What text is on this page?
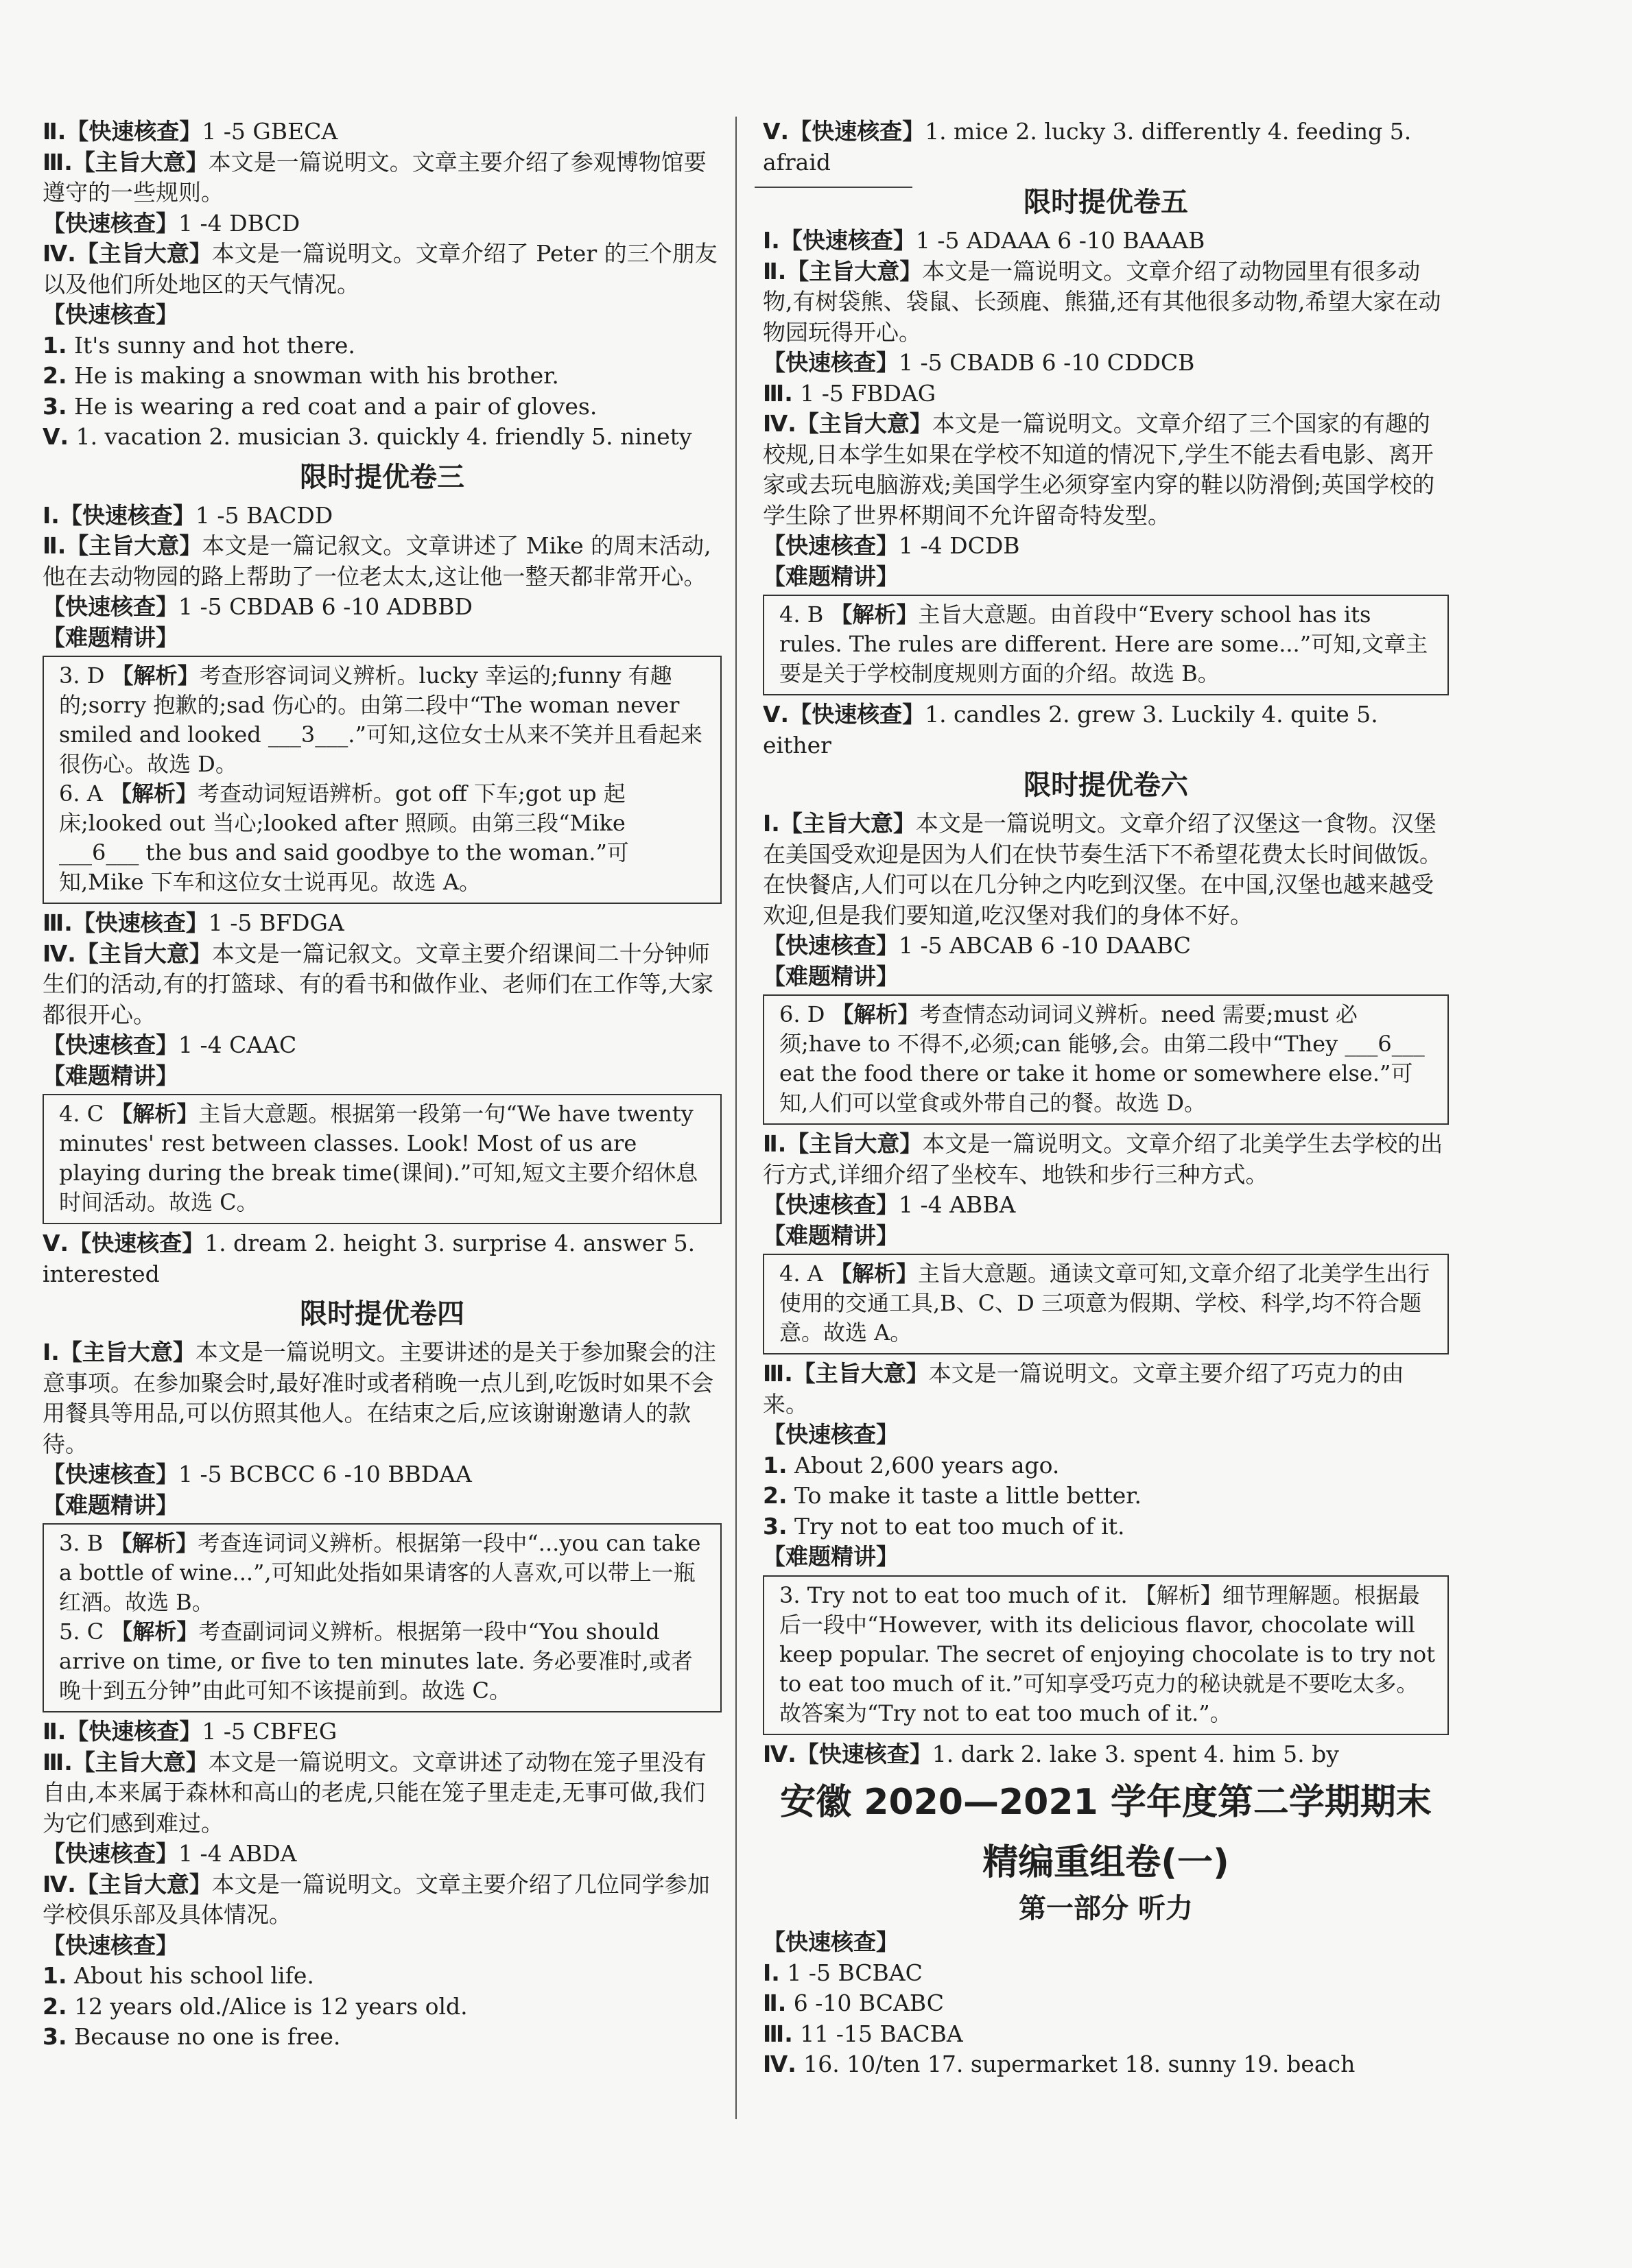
Ⅱ.【快速核查】1 -5 GBECA

Ⅲ.【主旨大意】本文是一篇说明文。文章主要介绍了参观博物馆要遵守的一些规则。

【快速核查】1 -4 DBCD

Ⅳ.【主旨大意】本文是一篇说明文。文章介绍了 Peter 的三个朋友以及他们所处地区的天气情况。

【快速核查】

1. It's sunny and hot there.

2. He is making a snowman with his brother.

3. He is wearing a red coat and a pair of gloves.

Ⅴ. 1. vacation 2. musician 3. quickly 4. friendly 5. ninety

限时提优卷三

Ⅰ.【快速核查】1 -5 BACDD

Ⅱ.【主旨大意】本文是一篇记叙文。文章讲述了 Mike 的周末活动,他在去动物园的路上帮助了一位老太太,这让他一整天都非常开心。

【快速核查】1 -5 CBDAB 6 -10 ADBBD

【难题精讲】

3. D 【解析】考查形容词词义辨析。lucky 幸运的;funny 有趣的;sorry 抱歉的;sad 伤心的。由第二段中“The woman never smiled and looked ___3___.”可知,这位女士从来不笑并且看起来很伤心。故选 D。

6. A 【解析】考查动词短语辨析。got off 下车;got up 起床;looked out 当心;looked after 照顾。由第三段“Mike ___6___ the bus and said goodbye to the woman.”可知,Mike 下车和这位女士说再见。故选 A。

Ⅲ.【快速核查】1 -5 BFDGA

Ⅳ.【主旨大意】本文是一篇记叙文。文章主要介绍课间二十分钟师生们的活动,有的打篮球、有的看书和做作业、老师们在工作等,大家都很开心。

【快速核查】1 -4 CAAC

【难题精讲】

4. C 【解析】主旨大意题。根据第一段第一句“We have twenty minutes' rest between classes. Look! Most of us are playing during the break time(课间).”可知,短文主要介绍休息时间活动。故选 C。

Ⅴ.【快速核查】1. dream 2. height 3. surprise 4. answer 5. interested

限时提优卷四

Ⅰ.【主旨大意】本文是一篇说明文。主要讲述的是关于参加聚会的注意事项。在参加聚会时,最好准时或者稍晚一点儿到,吃饭时如果不会用餐具等用品,可以仿照其他人。在结束之后,应该谢谢邀请人的款待。

【快速核查】1 -5 BCBCC 6 -10 BBDAA

【难题精讲】

3. B 【解析】考查连词词义辨析。根据第一段中“...you can take a bottle of wine...”,可知此处指如果请客的人喜欢,可以带上一瓶红酒。故选 B。

5. C 【解析】考查副词词义辨析。根据第一段中“You should arrive on time, or five to ten minutes late. 务必要准时,或者晚十到五分钟”由此可知不该提前到。故选 C。

Ⅱ.【快速核查】1 -5 CBFEG

Ⅲ.【主旨大意】本文是一篇说明文。文章讲述了动物在笼子里没有自由,本来属于森林和高山的老虎,只能在笼子里走走,无事可做,我们为它们感到难过。

【快速核查】1 -4 ABDA

Ⅳ.【主旨大意】本文是一篇说明文。文章主要介绍了几位同学参加学校俱乐部及具体情况。

【快速核查】

1. About his school life.

2. 12 years old./Alice is 12 years old.

3. Because no one is free.

Ⅴ.【快速核查】1. mice 2. lucky 3. differently 4. feeding 5. afraid

限时提优卷五

Ⅰ.【快速核查】1 -5 ADAAA 6 -10 BAAAB

Ⅱ.【主旨大意】本文是一篇说明文。文章介绍了动物园里有很多动物,有树袋熊、袋鼠、长颈鹿、熊猫,还有其他很多动物,希望大家在动物园玩得开心。

【快速核查】1 -5 CBADB 6 -10 CDDCB

Ⅲ. 1 -5 FBDAG

Ⅳ.【主旨大意】本文是一篇说明文。文章介绍了三个国家的有趣的校规,日本学生如果在学校不知道的情况下,学生不能去看电影、离开家或去玩电脑游戏;美国学生必须穿室内穿的鞋以防滑倒;英国学校的学生除了世界杯期间不允许留奇特发型。

【快速核查】1 -4 DCDB

【难题精讲】

4. B 【解析】主旨大意题。由首段中“Every school has its rules. The rules are different. Here are some...”可知,文章主要是关于学校制度规则方面的介绍。故选 B。

Ⅴ.【快速核查】1. candles 2. grew 3. Luckily 4. quite 5. either

限时提优卷六

Ⅰ.【主旨大意】本文是一篇说明文。文章介绍了汉堡这一食物。汉堡在美国受欢迎是因为人们在快节奏生活下不希望花费太长时间做饭。在快餐店,人们可以在几分钟之内吃到汉堡。在中国,汉堡也越来越受欢迎,但是我们要知道,吃汉堡对我们的身体不好。

【快速核查】1 -5 ABCAB 6 -10 DAABC

【难题精讲】

6. D 【解析】考查情态动词词义辨析。need 需要;must 必须;have to 不得不,必须;can 能够,会。由第二段中“They ___6___ eat the food there or take it home or somewhere else.”可知,人们可以堂食或外带自己的餐。故选 D。

Ⅱ.【主旨大意】本文是一篇说明文。文章介绍了北美学生去学校的出行方式,详细介绍了坐校车、地铁和步行三种方式。

【快速核查】1 -4 ABBA

【难题精讲】

4. A 【解析】主旨大意题。通读文章可知,文章介绍了北美学生出行使用的交通工具,B、C、D 三项意为假期、学校、科学,均不符合题意。故选 A。

Ⅲ.【主旨大意】本文是一篇说明文。文章主要介绍了巧克力的由来。

【快速核查】

1. About 2,600 years ago.

2. To make it taste a little better.

3. Try not to eat too much of it.

【难题精讲】

3. Try not to eat too much of it. 【解析】细节理解题。根据最后一段中“However, with its delicious flavor, chocolate will keep popular. The secret of enjoying chocolate is to try not to eat too much of it.”可知享受巧克力的秘诀就是不要吃太多。故答案为“Try not to eat too much of it.”。

Ⅳ.【快速核查】1. dark 2. lake 3. spent 4. him 5. by

安徽 2020—2021 学年度第二学期期末
精编重组卷(一)
第一部分 听力

【快速核查】

Ⅰ. 1 -5 BCBAC

Ⅱ. 6 -10 BCABC

Ⅲ. 11 -15 BACBA

Ⅳ. 16. 10/ten 17. supermarket 18. sunny 19. beach
